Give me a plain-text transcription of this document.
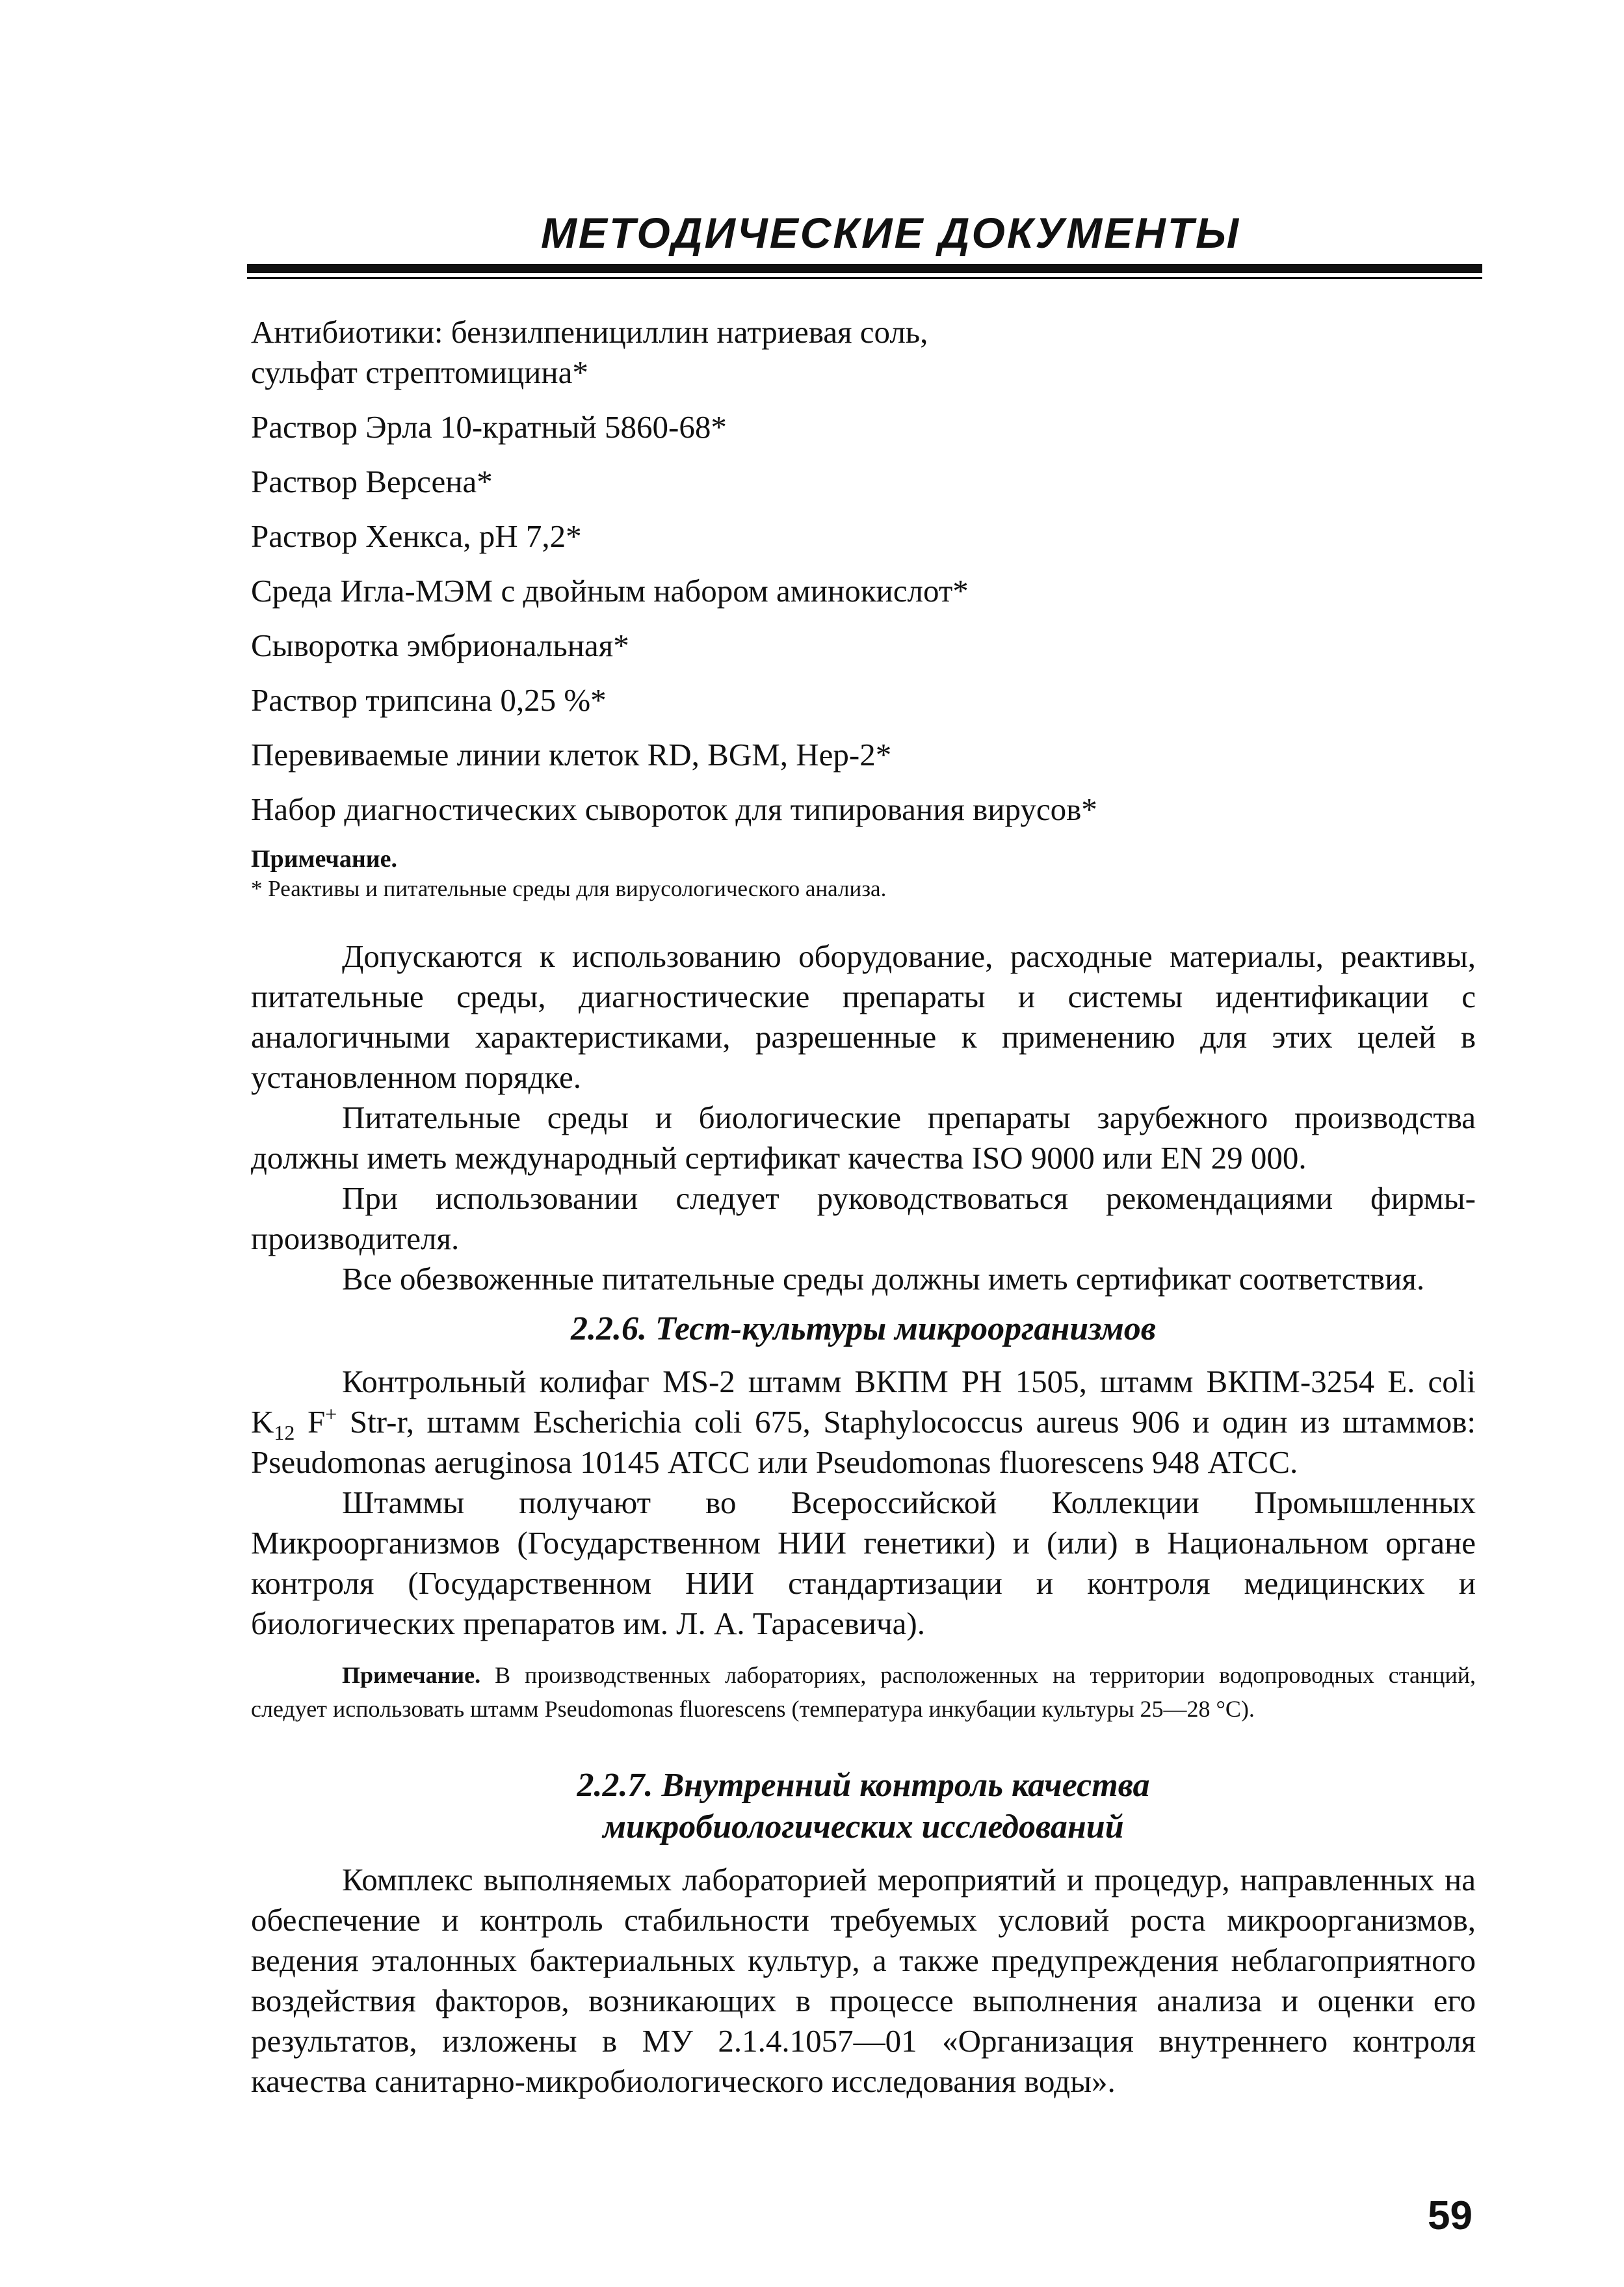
МЕТОДИЧЕСКИЕ ДОКУМЕНТЫ
Антибиотики: бензилпенициллин натриевая соль, сульфат стрептомицина*
Раствор Эрла 10-кратный 5860-68*
Раствор Версена*
Раствор Хенкса, pH 7,2*
Среда Игла-МЭМ с двойным набором аминокислот*
Сыворотка эмбриональная*
Раствор трипсина 0,25 %*
Перевиваемые линии клеток RD, BGM, Hep-2*
Набор диагностических сывороток для типирования вирусов*
Примечание.
* Реактивы и питательные среды для вирусологического анализа.

Допускаются к использованию оборудование, расходные материалы, реактивы, питательные среды, диагностические препараты и системы идентификации с аналогичными характеристиками, разрешенные к применению для этих целей в установленном порядке.

Питательные среды и биологические препараты зарубежного производства должны иметь международный сертификат качества ISO 9000 или EN 29 000.

При использовании следует руководствоваться рекомендациями фирмы-производителя.

Все обезвоженные питательные среды должны иметь сертификат соответствия.

2.2.6. Тест-культуры микроорганизмов

Контрольный колифаг MS-2 штамм ВКПМ РН 1505, штамм ВКПМ-3254 E. coli $K_{12}$ F+ Str-r, штамм Escherichia coli 675, Staphylococcus aureus 906 и один из штаммов: Pseudomonas aeruginosa 10145 АТСС или Pseudomonas fluorescens 948 АТСС.

Штаммы получают во Всероссийской Коллекции Промышленных Микроорганизмов (Государственном НИИ генетики) и (или) в Национальном органе контроля (Государственном НИИ стандартизации и контроля медицинских и биологических препаратов им. Л. А. Тарасевича).

Примечание. В производственных лабораториях, расположенных на территории водопроводных станций, следует использовать штамм Pseudomonas fluorescens (температура инкубации культуры 25—28 °С).
2.2.7. Внутренний контроль качества
микробиологических исследований

Комплекс выполняемых лабораторией мероприятий и процедур, направленных на обеспечение и контроль стабильности требуемых условий роста микроорганизмов, ведения эталонных бактериальных культур, а также предупреждения неблагоприятного воздействия факторов, возникающих в процессе выполнения анализа и оценки его результатов, изложены в МУ 2.1.4.1057—01 «Организация внутреннего контроля качества санитарно-микробиологического исследования воды».

59
